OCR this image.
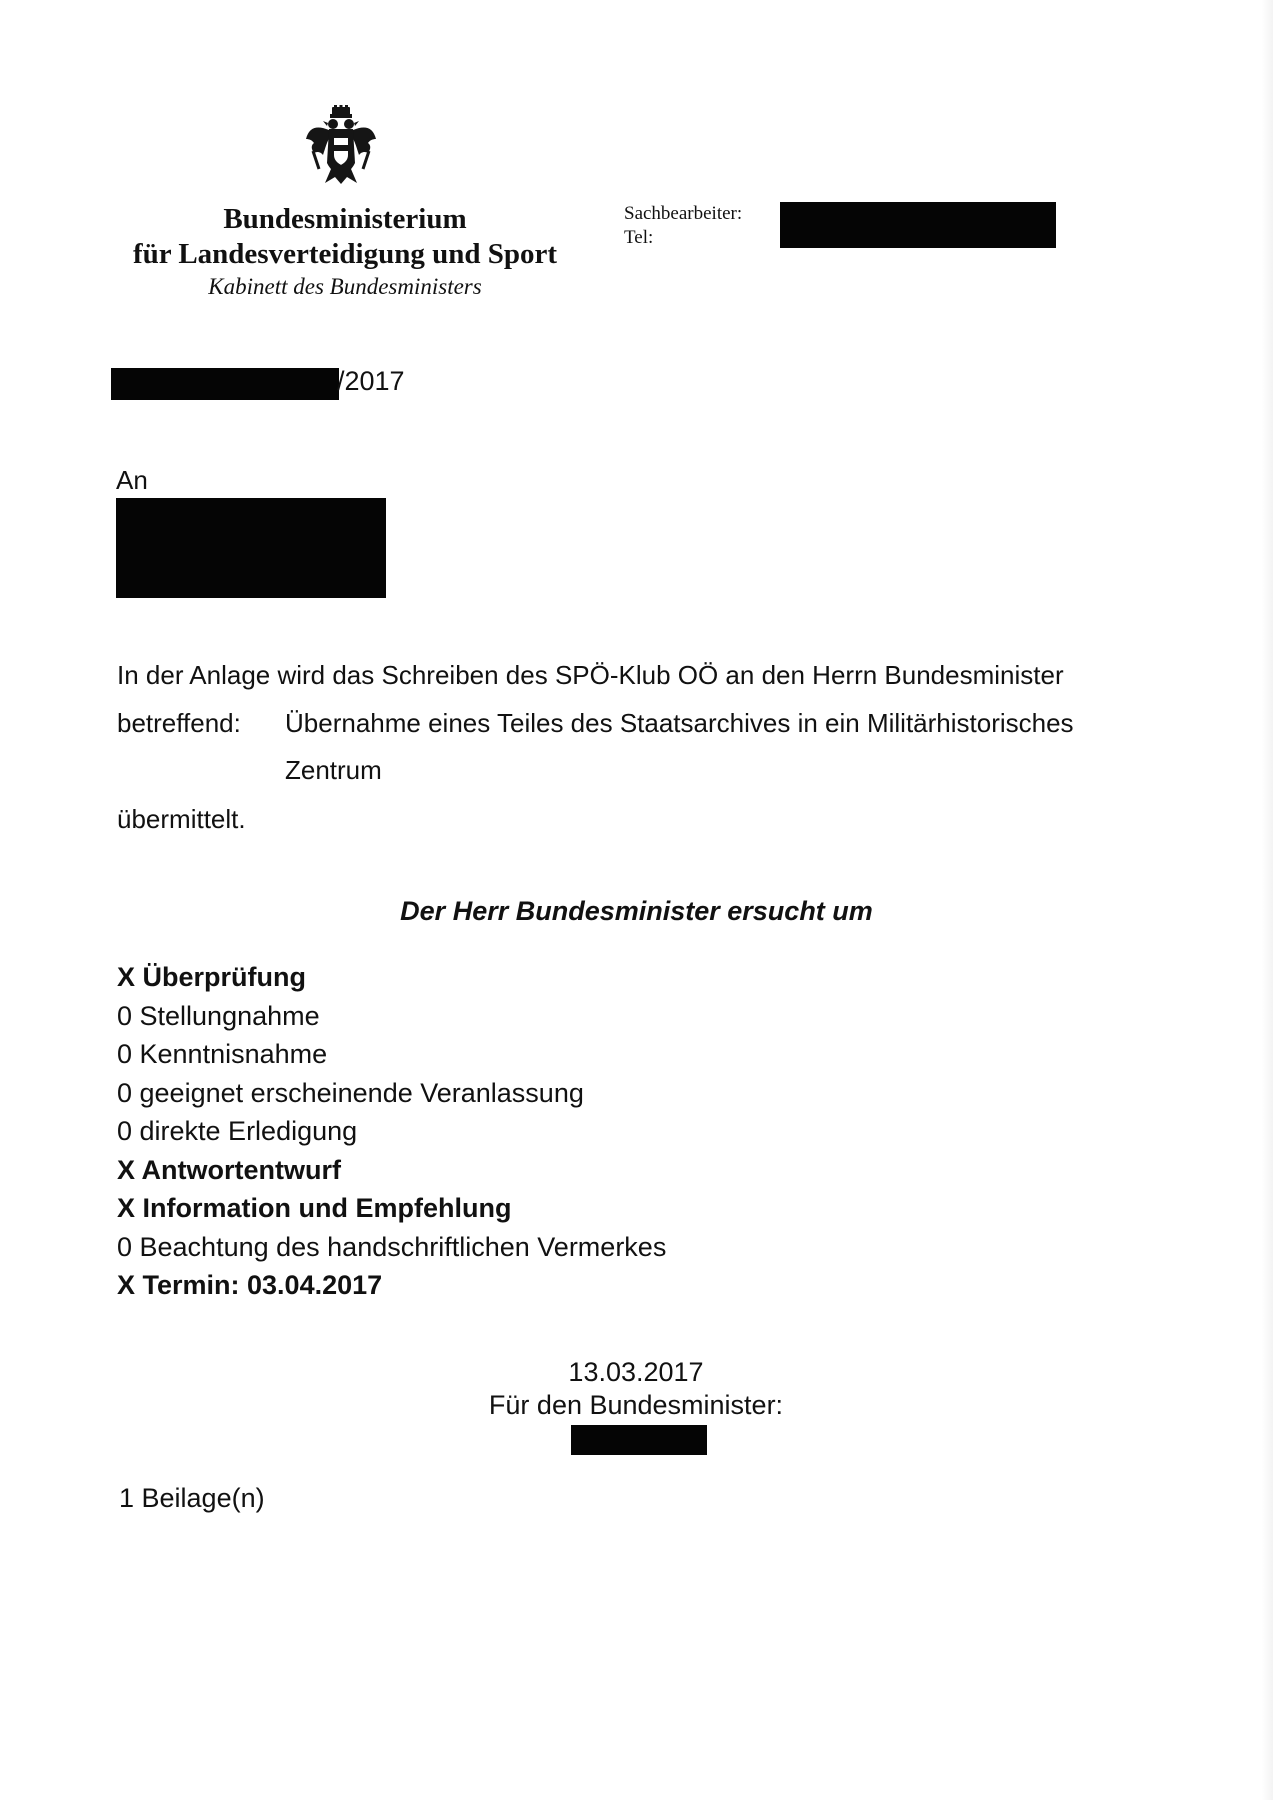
Bundesministerium
für Landesverteidigung und Sport
Kabinett des Bundesministers
Sachbearbeiter:
Tel:
/2017
An
In der Anlage wird das Schreiben des SPÖ-Klub OÖ an den Herrn Bundesminister
betreffend: Übernahme eines Teiles des Staatsarchives in ein Militärhistorisches
Zentrum
übermittelt.
Der Herr Bundesminister ersucht um
X Überprüfung
0 Stellungnahme
0 Kenntnisnahme
0 geeignet erscheinende Veranlassung
0 direkte Erledigung
X Antwortentwurf
X Information und Empfehlung
0 Beachtung des handschriftlichen Vermerkes
X Termin: 03.04.2017
13.03.2017
Für den Bundesminister:
1 Beilage(n)
